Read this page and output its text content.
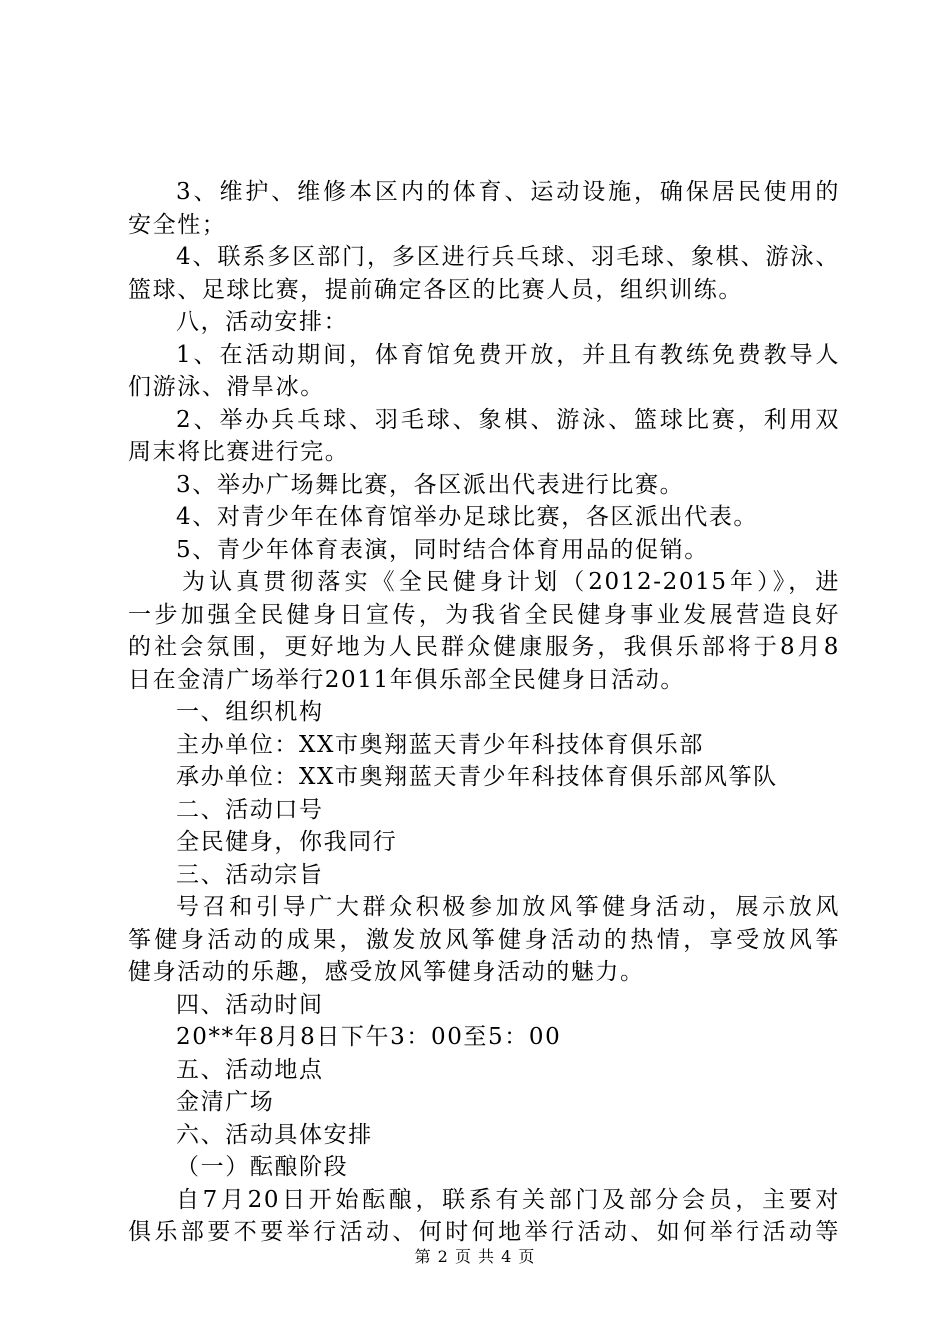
3、维护、维修本区内的体育、运动设施，确保居民使用的
安全性；
4、联系多区部门，多区进行兵乓球、羽毛球、象棋、游泳、
篮球、足球比赛，提前确定各区的比赛人员，组织训练。
八，活动安排：
1、在活动期间，体育馆免费开放，并且有教练免费教导人
们游泳、滑旱冰。
2、举办兵乓球、羽毛球、象棋、游泳、篮球比赛，利用双
周末将比赛进行完。
3、举办广场舞比赛，各区派出代表进行比赛。
4、对青少年在体育馆举办足球比赛，各区派出代表。
5、青少年体育表演，同时结合体育用品的促销。
为认真贯彻落实《全民健身计划（2012-2015年）》，进
一步加强全民健身日宣传，为我省全民健身事业发展营造良好
的社会氛围，更好地为人民群众健康服务，我俱乐部将于8月8
日在金清广场举行2011年俱乐部全民健身日活动。
一、组织机构
主办单位：XX市奥翔蓝天青少年科技体育俱乐部
承办单位：XX市奥翔蓝天青少年科技体育俱乐部风筝队
二、活动口号
全民健身，你我同行
三、活动宗旨
号召和引导广大群众积极参加放风筝健身活动，展示放风
筝健身活动的成果，激发放风筝健身活动的热情，享受放风筝
健身活动的乐趣，感受放风筝健身活动的魅力。
四、活动时间
20**年8月8日下午3：00至5：00
五、活动地点
金清广场
六、活动具体安排
（一）酝酿阶段
自7月20日开始酝酿，联系有关部门及部分会员，主要对
俱乐部要不要举行活动、何时何地举行活动、如何举行活动等
第 2 页 共 4 页
